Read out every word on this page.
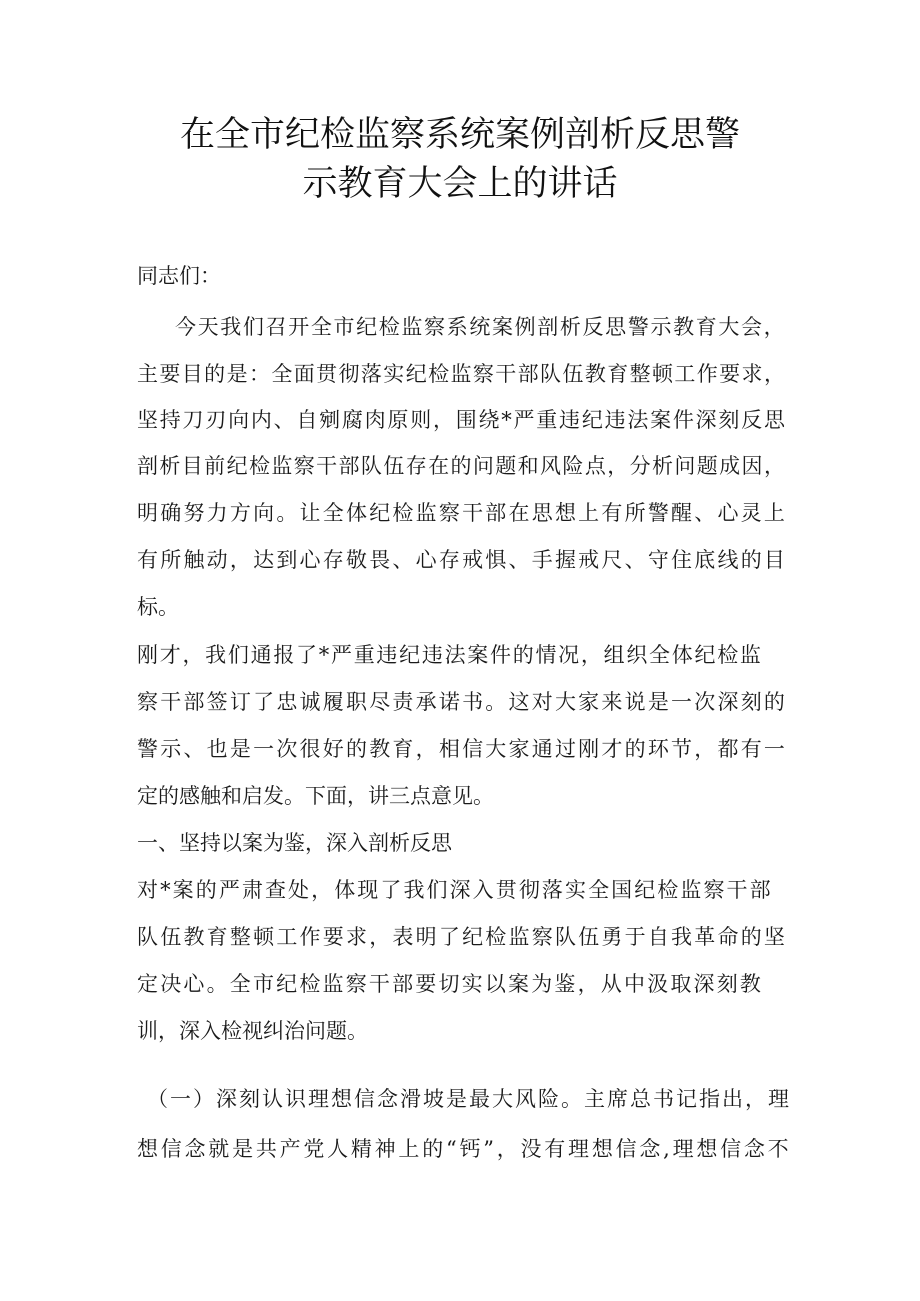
在全市纪检监察系统案例剖析反思警
示教育大会上的讲话
同志们：
今 天 我 们 召 开 全 市 纪 检 监 察 系 统 案 例 剖 析 反 思 警 示 教 育 大 会 ，
主 要 目 的 是 ： 全 面 贯 彻 落 实 纪 检 监 察 干 部 队 伍 教 育 整 顿 工 作 要 求 ，
坚 持 刀 刃 向 内 、 自 剜 腐 肉 原 则 ， 围 绕 * 严 重 违 纪 违 法 案 件 深 刻 反 思
剖 析 目 前 纪 检 监 察 干 部 队 伍 存 在 的 问 题 和 风 险 点 ， 分 析 问 题 成 因 ，
明 确 努 力 方 向 。 让 全 体 纪 检 监 察 干 部 在 思 想 上 有 所 警 醒 、 心 灵 上
有 所 触 动 ， 达 到 心 存 敬 畏 、 心 存 戒 惧 、 手 握 戒 尺 、 守 住 底 线 的 目
标。
刚 才 ， 我 们 通 报 了 * 严 重 违 纪 违 法 案 件 的 情 况 ， 组 织 全 体 纪 检 监
察 干 部 签 订 了 忠 诚 履 职 尽 责 承 诺 书 。 这 对 大 家 来 说 是 一 次 深 刻 的
警 示 、 也 是 一 次 很 好 的 教 育 ， 相 信 大 家 通 过 刚 才 的 环 节 ， 都 有 一
定的感触和启发。下面，讲三点意见。
一、坚持以案为鉴，深入剖析反思
对 * 案 的 严 肃 查 处 ， 体 现 了 我 们 深 入 贯 彻 落 实 全 国 纪 检 监 察 干 部
队 伍 教 育 整 顿 工 作 要 求 ， 表 明 了 纪 检 监 察 队 伍 勇 于 自 我 革 命 的 坚
定 决 心 。 全 市 纪 检 监 察 干 部 要 切 实 以 案 为 鉴 ， 从 中 汲 取 深 刻 教
训，深入检视纠治问题。
（ 一 ） 深 刻 认 识 理 想 信 念 滑 坡 是 最 大 风 险 。 主 席 总 书 记 指 出 ， 理
想 信 念 就 是 共 产 党 人 精 神 上 的 “ 钙 ” ， 没 有 理 想 信 念 , 理 想 信 念 不
